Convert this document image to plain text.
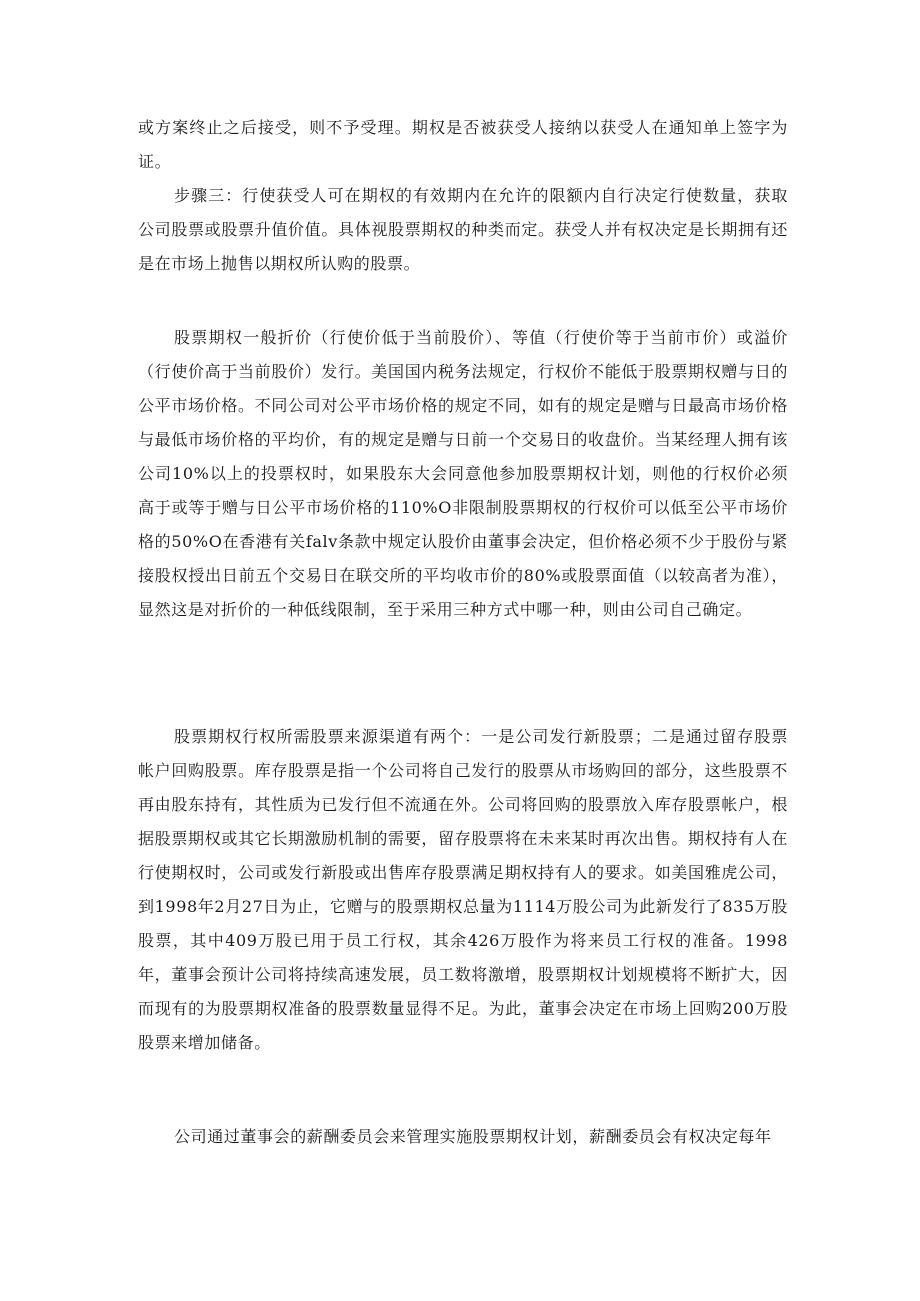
或方案终止之后接受，则不予受理。期权是否被获受人接纳以获受人在通知单上签字为证。

步骤三：行使获受人可在期权的有效期内在允许的限额内自行决定行使数量，获取公司股票或股票升值价值。具体视股票期权的种类而定。获受人并有权决定是长期拥有还是在市场上抛售以期权所认购的股票。

股票期权一般折价（行使价低于当前股价）、等值（行使价等于当前市价）或溢价（行使价高于当前股价）发行。美国国内税务法规定，行权价不能低于股票期权赠与日的公平市场价格。不同公司对公平市场价格的规定不同，如有的规定是赠与日最高市场价格与最低市场价格的平均价，有的规定是赠与日前一个交易日的收盘价。当某经理人拥有该公司10%以上的投票权时，如果股东大会同意他参加股票期权计划，则他的行权价必须高于或等于赠与日公平市场价格的110%O非限制股票期权的行权价可以低至公平市场价格的50%O在香港有关falv条款中规定认股价由董事会决定，但价格必须不少于股份与紧接股权授出日前五个交易日在联交所的平均收市价的80%或股票面值（以较高者为准），显然这是对折价的一种低线限制，至于采用三种方式中哪一种，则由公司自己确定。

股票期权行权所需股票来源渠道有两个：一是公司发行新股票；二是通过留存股票帐户回购股票。库存股票是指一个公司将自己发行的股票从市场购回的部分，这些股票不再由股东持有，其性质为已发行但不流通在外。公司将回购的股票放入库存股票帐户，根据股票期权或其它长期激励机制的需要，留存股票将在未来某时再次出售。期权持有人在行使期权时，公司或发行新股或出售库存股票满足期权持有人的要求。如美国雅虎公司，到1998年2月27日为止，它赠与的股票期权总量为1114万股公司为此新发行了835万股股票，其中409万股已用于员工行权，其余426万股作为将来员工行权的准备。1998年，董事会预计公司将持续高速发展，员工数将激增，股票期权计划规模将不断扩大，因而现有的为股票期权准备的股票数量显得不足。为此，董事会决定在市场上回购200万股股票来增加储备。

公司通过董事会的薪酬委员会来管理实施股票期权计划，薪酬委员会有权决定每年
